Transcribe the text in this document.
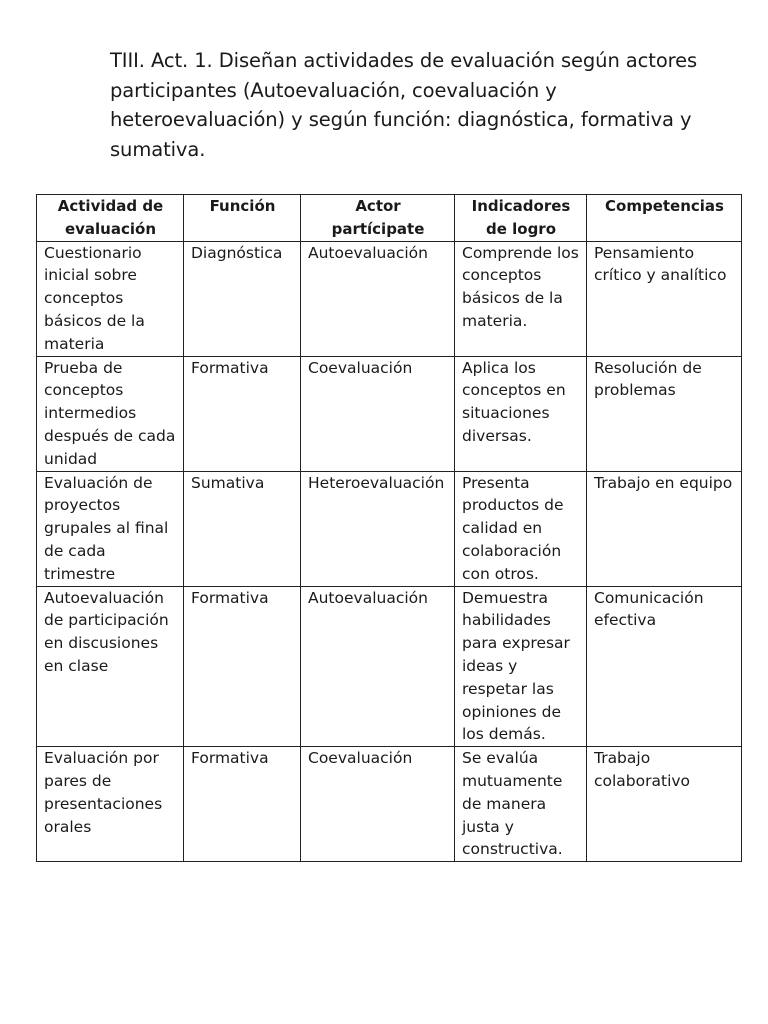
TIII. Act. 1. Diseñan actividades de evaluación según actores participantes (Autoevaluación, coevaluación y heteroevaluación) y según función: diagnóstica, formativa y sumativa.

Actividad de evaluación	Función	Actor partícipate	Indicadores de logro	Competencias
Cuestionario inicial sobre conceptos básicos de la materia	Diagnóstica	Autoevaluación	Comprende los conceptos básicos de la materia.	Pensamiento crítico y analítico
Prueba de conceptos intermedios después de cada unidad	Formativa	Coevaluación	Aplica los conceptos en situaciones diversas.	Resolución de problemas
Evaluación de proyectos grupales al final de cada trimestre	Sumativa	Heteroevaluación	Presenta productos de calidad en colaboración con otros.	Trabajo en equipo
Autoevaluación de participación en discusiones en clase	Formativa	Autoevaluación	Demuestra habilidades para expresar ideas y respetar las opiniones de los demás.	Comunicación efectiva
Evaluación por pares de presentaciones orales	Formativa	Coevaluación	Se evalúa mutuamente de manera justa y constructiva.	Trabajo colaborativo
